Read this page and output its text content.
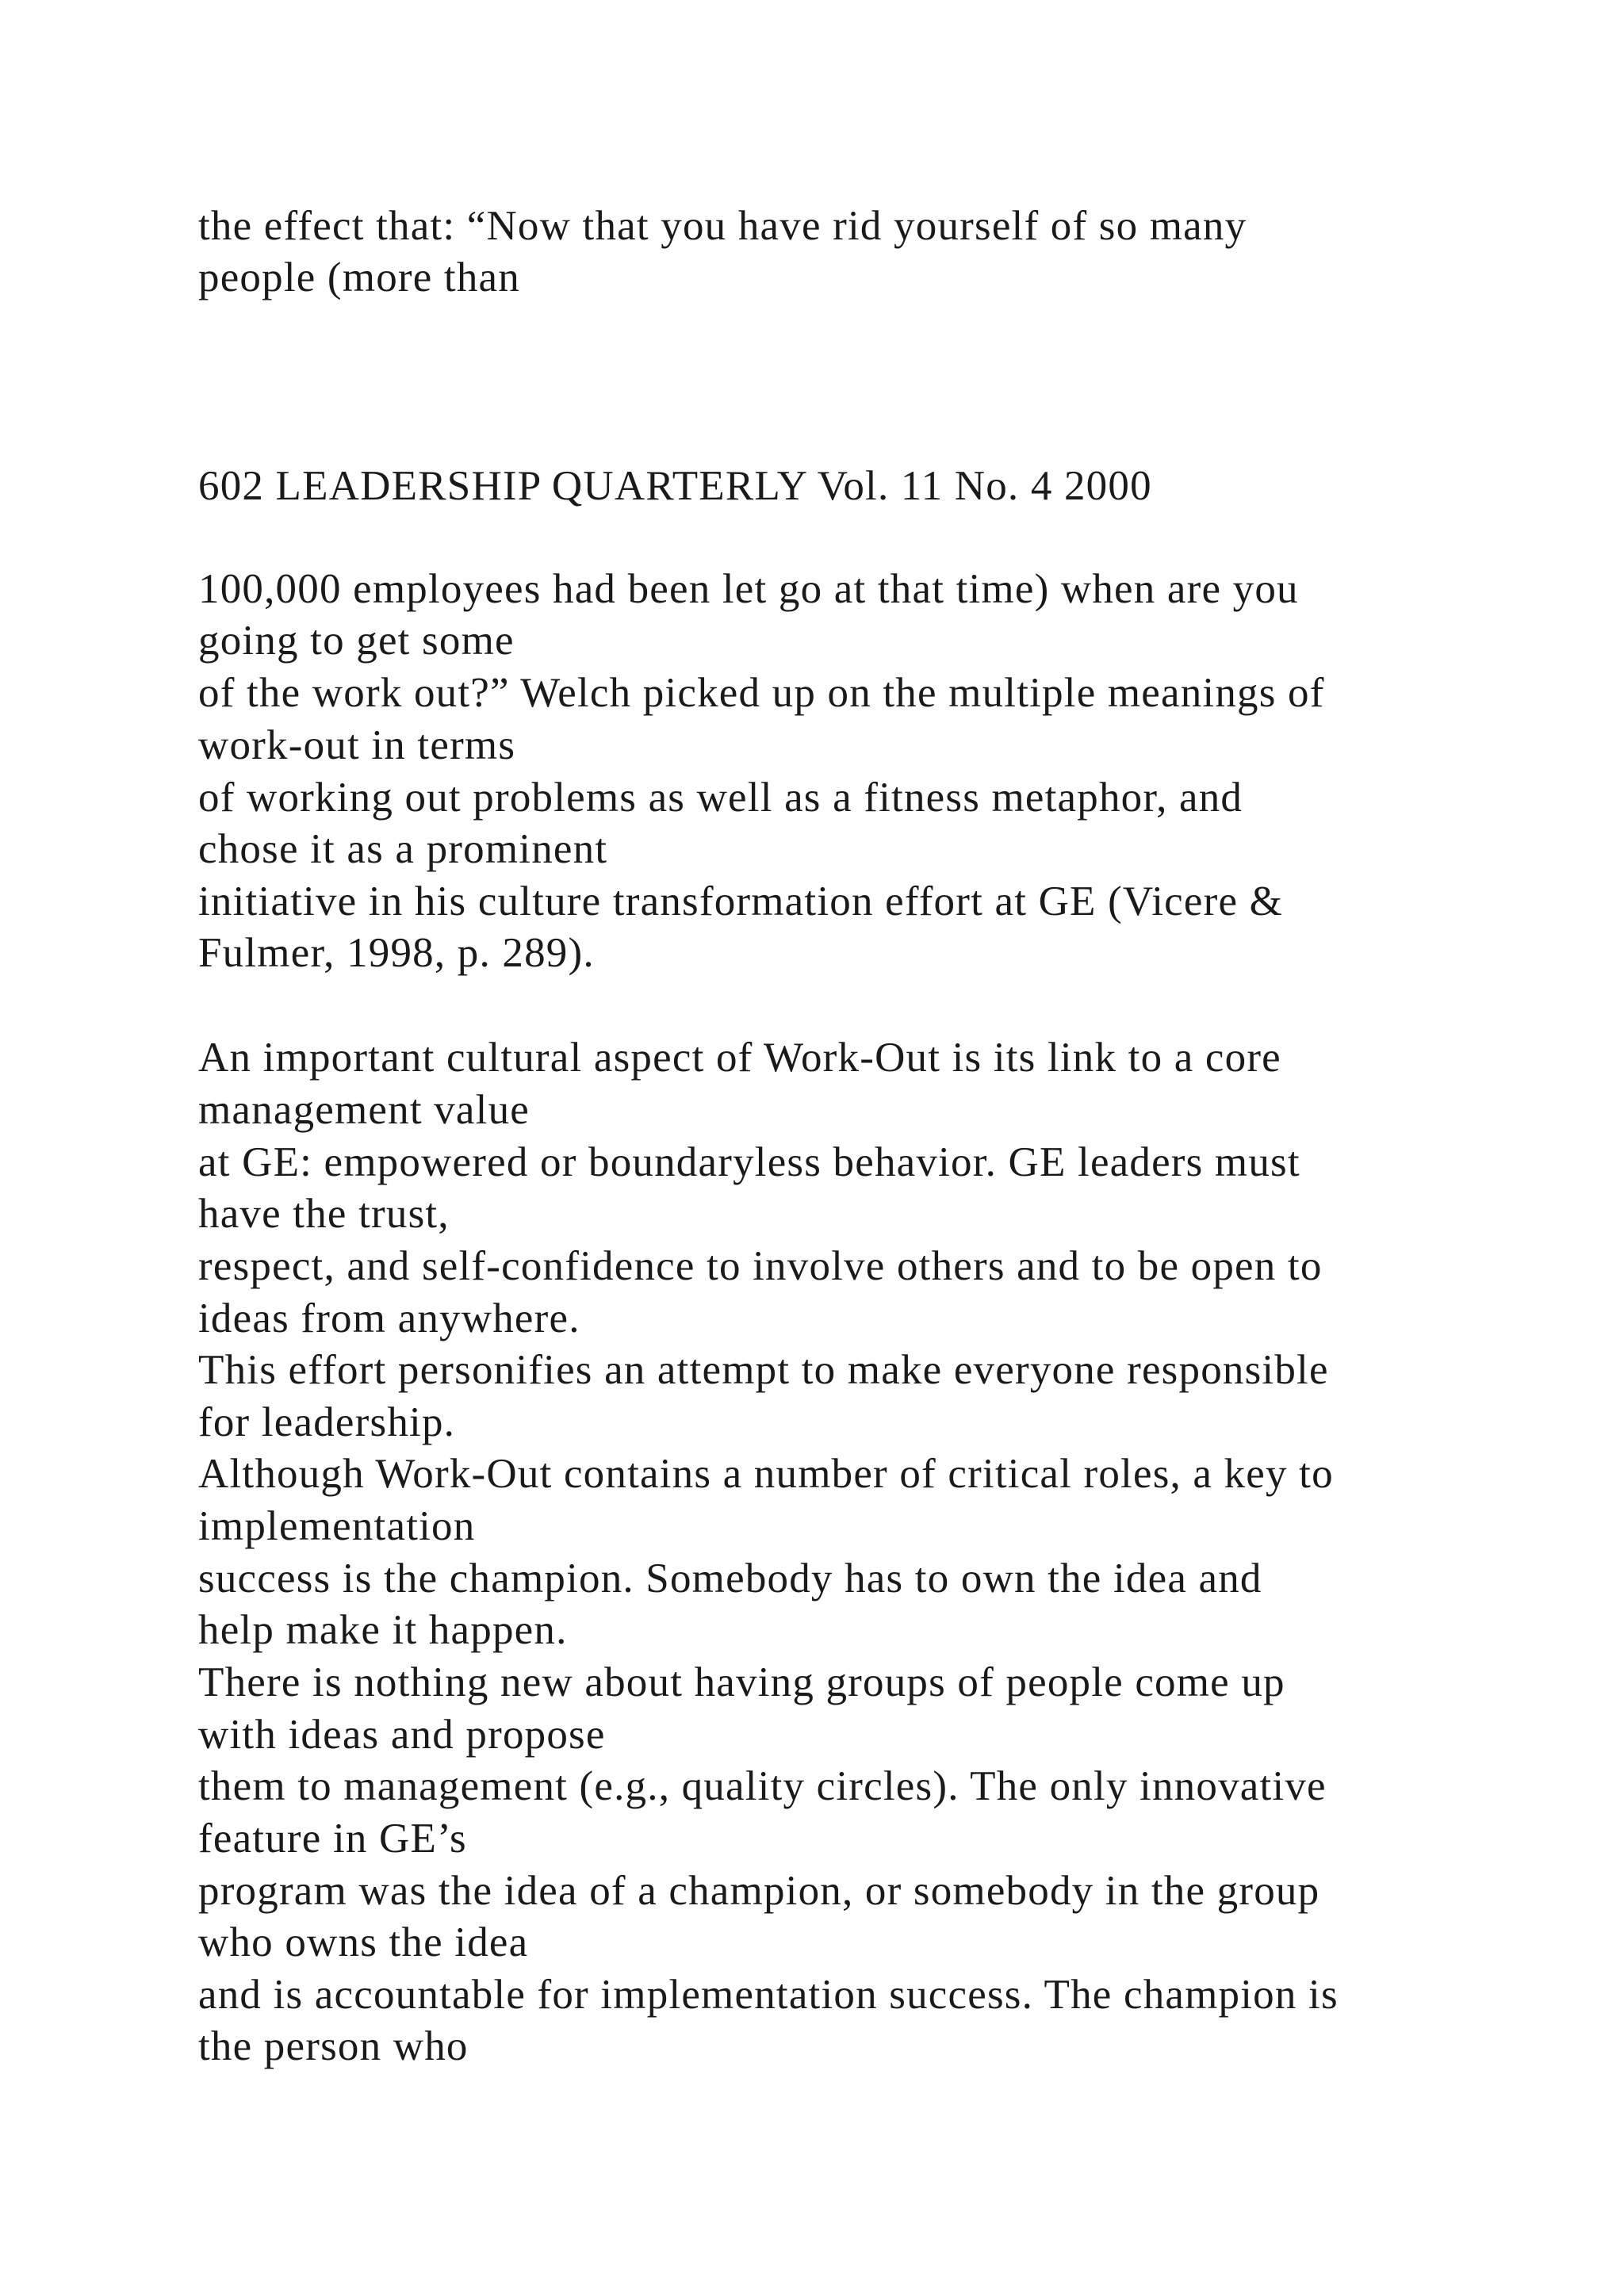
the effect that: “Now that you have rid yourself of so many
people (more than
602 LEADERSHIP QUARTERLY Vol. 11 No. 4 2000
100,000 employees had been let go at that time) when are you
going to get some
of the work out?” Welch picked up on the multiple meanings of
work-out in terms
of working out problems as well as a fitness metaphor, and
chose it as a prominent
initiative in his culture transformation effort at GE (Vicere &
Fulmer, 1998, p. 289).
An important cultural aspect of Work-Out is its link to a core
management value
at GE: empowered or boundaryless behavior. GE leaders must
have the trust,
respect, and self-confidence to involve others and to be open to
ideas from anywhere.
This effort personifies an attempt to make everyone responsible
for leadership.
Although Work-Out contains a number of critical roles, a key to
implementation
success is the champion. Somebody has to own the idea and
help make it happen.
There is nothing new about having groups of people come up
with ideas and propose
them to management (e.g., quality circles). The only innovative
feature in GE’s
program was the idea of a champion, or somebody in the group
who owns the idea
and is accountable for implementation success. The champion is
the person who
